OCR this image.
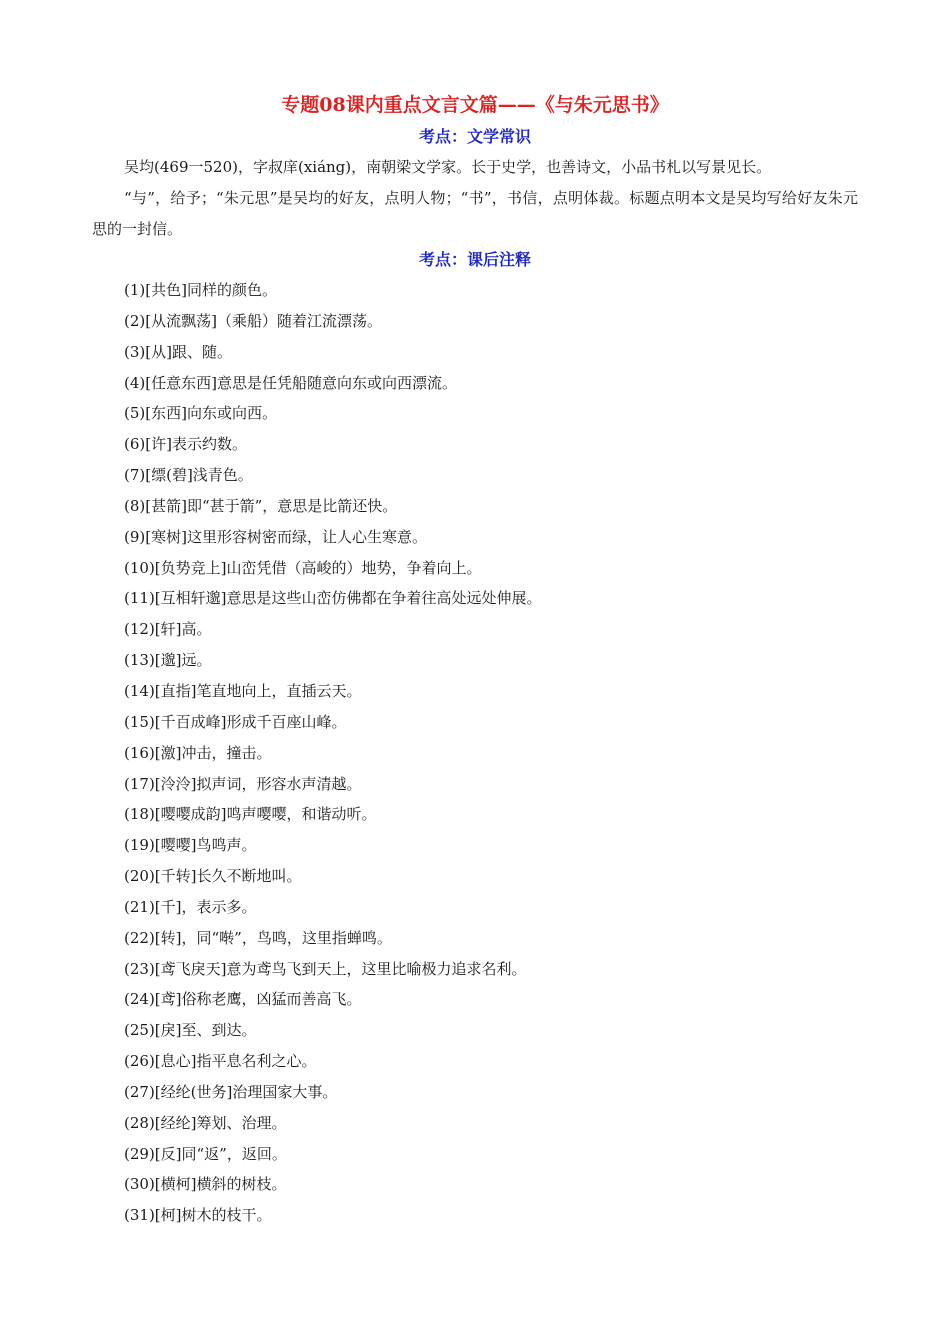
专题08课内重点文言文篇——《与朱元思书》
考点：文学常识

吴均(469一520)，字叔庠(xiáng)，南朝梁文学家。长于史学，也善诗文，小品书札以写景见长。

“与”，给予；“朱元思”是吴均的好友，点明人物；“书”，书信，点明体裁。标题点明本文是吴均写给好友朱元思的一封信。

考点：课后注释
(1)[共色]同样的颜色。
(2)[从流飘荡]（乘船）随着江流漂荡。
(3)[从]跟、随。
(4)[任意东西]意思是任凭船随意向东或向西漂流。
(5)[东西]向东或向西。
(6)[许]表示约数。
(7)[缥(碧]浅青色。
(8)[甚箭]即“甚于箭”，意思是比箭还快。
(9)[寒树]这里形容树密而绿，让人心生寒意。
(10)[负势竞上]山峦凭借（高峻的）地势，争着向上。
(11)[互相轩邈]意思是这些山峦仿佛都在争着往高处远处伸展。
(12)[轩]高。
(13)[邈]远。
(14)[直指]笔直地向上，直插云天。
(15)[千百成峰]形成千百座山峰。
(16)[激]冲击，撞击。
(17)[泠泠]拟声词，形容水声清越。
(18)[嘤嘤成韵]鸣声嘤嘤，和谐动听。
(19)[嘤嘤]鸟鸣声。
(20)[千转]长久不断地叫。
(21)[千]，表示多。
(22)[转]，同“啭”，鸟鸣，这里指蝉鸣。
(23)[鸢飞戾天]意为鸢鸟飞到天上，这里比喻极力追求名利。
(24)[鸢]俗称老鹰，凶猛而善高飞。
(25)[戾]至、到达。
(26)[息心]指平息名利之心。
(27)[经纶(世务]治理国家大事。
(28)[经纶]筹划、治理。
(29)[反]同“返”，返回。
(30)[横柯]横斜的树枝。
(31)[柯]树木的枝干。
